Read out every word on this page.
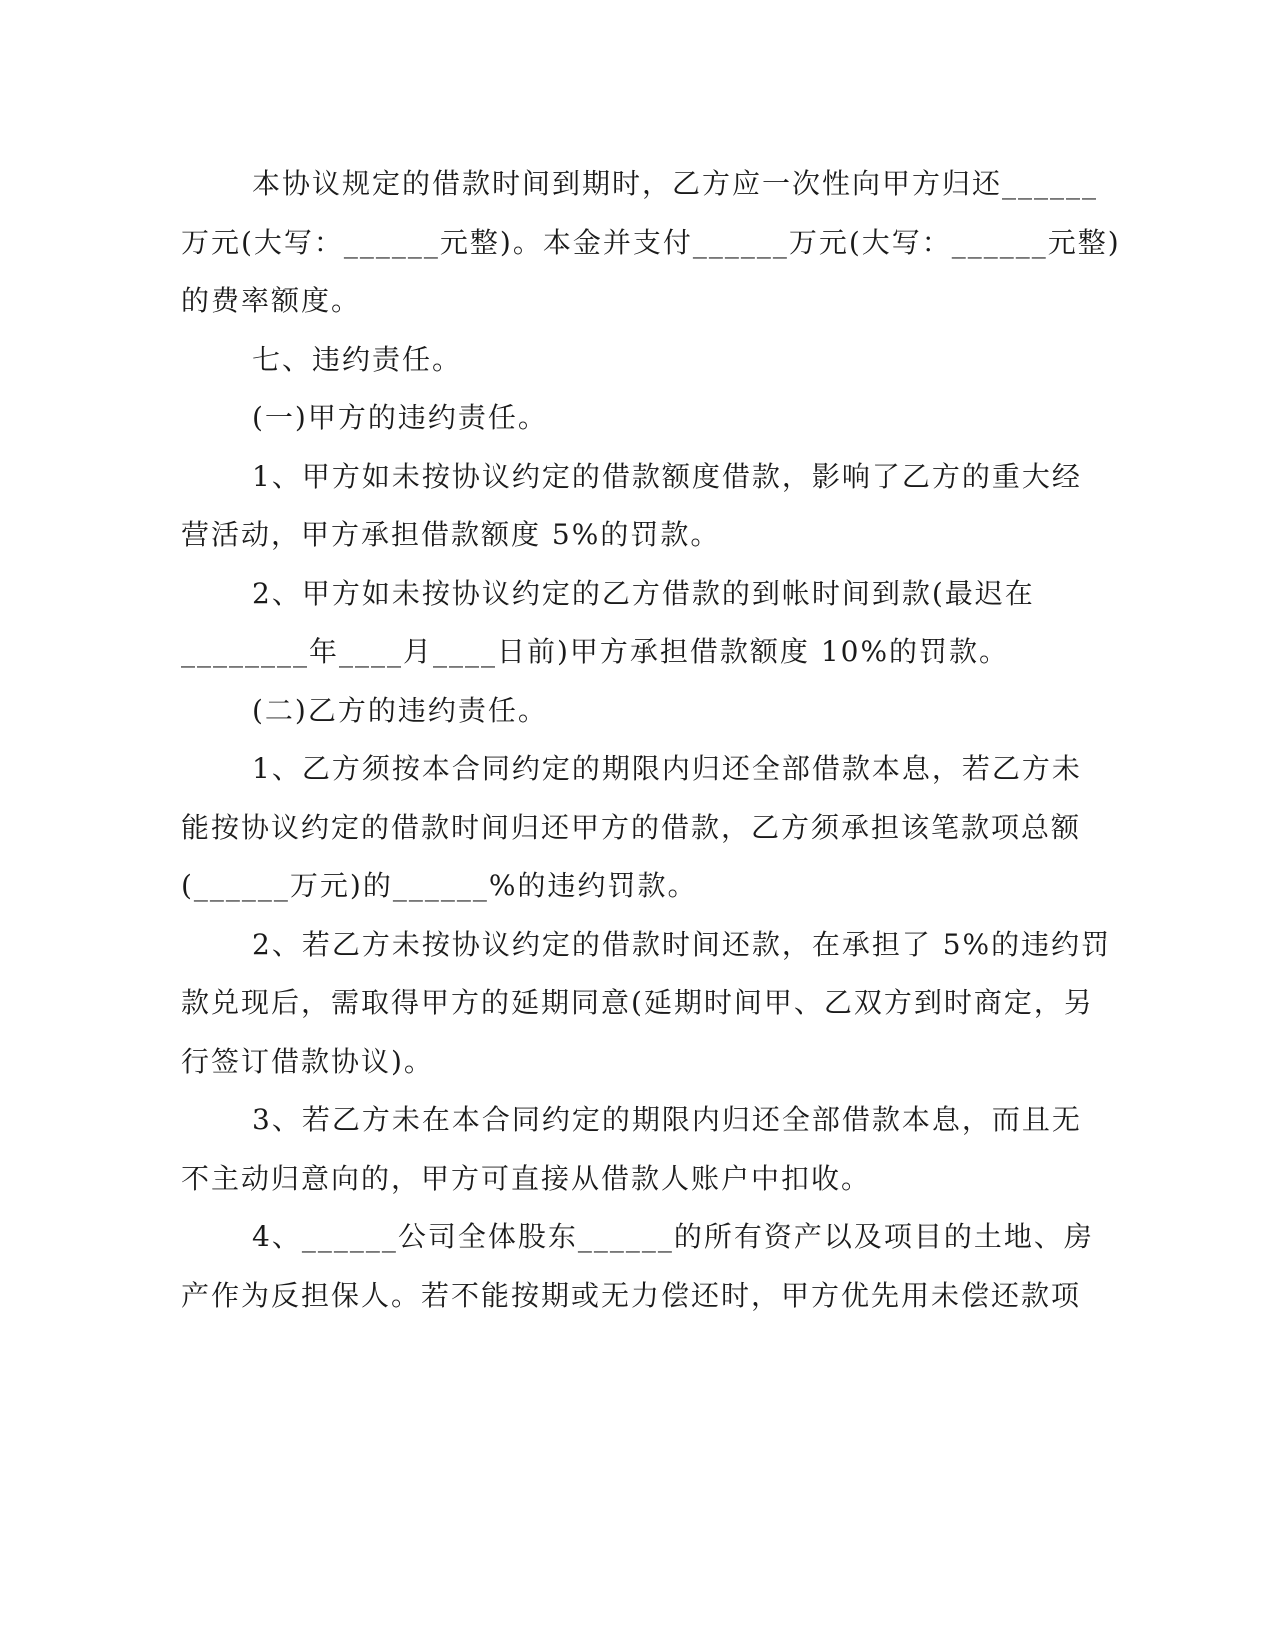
本协议规定的借款时间到期时，乙方应一次性向甲方归还______
万元(大写：______元整)。本金并支付______万元(大写：______元整)
的费率额度。
七、违约责任。
(一)甲方的违约责任。
1、甲方如未按协议约定的借款额度借款，影响了乙方的重大经
营活动，甲方承担借款额度 5%的罚款。
2、甲方如未按协议约定的乙方借款的到帐时间到款(最迟在
________年____月____日前)甲方承担借款额度 10%的罚款。
(二)乙方的违约责任。
1、乙方须按本合同约定的期限内归还全部借款本息，若乙方未
能按协议约定的借款时间归还甲方的借款，乙方须承担该笔款项总额
(______万元)的______%的违约罚款。
2、若乙方未按协议约定的借款时间还款，在承担了 5%的违约罚
款兑现后，需取得甲方的延期同意(延期时间甲、乙双方到时商定，另
行签订借款协议)。
3、若乙方未在本合同约定的期限内归还全部借款本息，而且无
不主动归意向的，甲方可直接从借款人账户中扣收。
4、______公司全体股东______的所有资产以及项目的土地、房
产作为反担保人。若不能按期或无力偿还时，甲方优先用未偿还款项
